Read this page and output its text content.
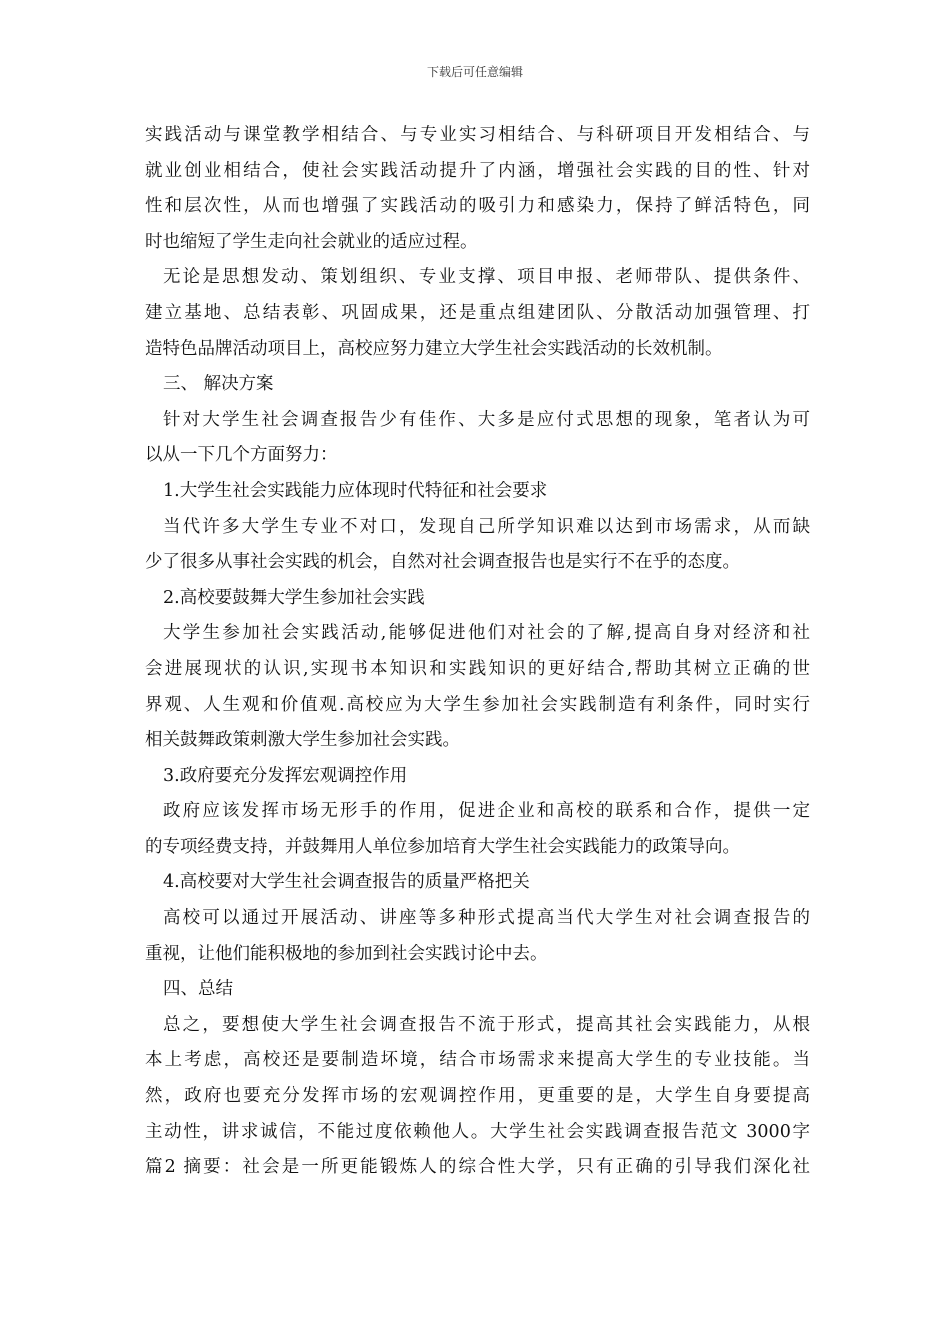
下载后可任意编辑
实践活动与课堂教学相结合、与专业实习相结合、与科研项目开发相结合、与
就业创业相结合，使社会实践活动提升了内涵，增强社会实践的目的性、针对
性和层次性，从而也增强了实践活动的吸引力和感染力，保持了鲜活特色，同
时也缩短了学生走向社会就业的适应过程。
无论是思想发动、策划组织、专业支撑、项目申报、老师带队、提供条件、
建立基地、总结表彰、巩固成果，还是重点组建团队、分散活动加强管理、打
造特色品牌活动项目上，高校应努力建立大学生社会实践活动的长效机制。
三、 解决方案
针对大学生社会调查报告少有佳作、大多是应付式思想的现象，笔者认为可
以从一下几个方面努力：
1.大学生社会实践能力应体现时代特征和社会要求
当代许多大学生专业不对口，发现自己所学知识难以达到市场需求，从而缺
少了很多从事社会实践的机会，自然对社会调查报告也是实行不在乎的态度。
2.高校要鼓舞大学生参加社会实践
大学生参加社会实践活动,能够促进他们对社会的了解,提高自身对经济和社
会进展现状的认识,实现书本知识和实践知识的更好结合,帮助其树立正确的世
界观、人生观和价值观.高校应为大学生参加社会实践制造有利条件，同时实行
相关鼓舞政策刺激大学生参加社会实践。
3.政府要充分发挥宏观调控作用
政府应该发挥市场无形手的作用，促进企业和高校的联系和合作，提供一定
的专项经费支持，并鼓舞用人单位参加培育大学生社会实践能力的政策导向。
4.高校要对大学生社会调查报告的质量严格把关
高校可以通过开展活动、讲座等多种形式提高当代大学生对社会调查报告的
重视，让他们能积极地的参加到社会实践讨论中去。
四、总结
总之，要想使大学生社会调查报告不流于形式，提高其社会实践能力，从根
本上考虑，高校还是要制造坏境，结合市场需求来提高大学生的专业技能。当
然，政府也要充分发挥市场的宏观调控作用，更重要的是，大学生自身要提高
主动性，讲求诚信，不能过度依赖他人。大学生社会实践调查报告范文 3000字
篇2 摘要：社会是一所更能锻炼人的综合性大学，只有正确的引导我们深化社
